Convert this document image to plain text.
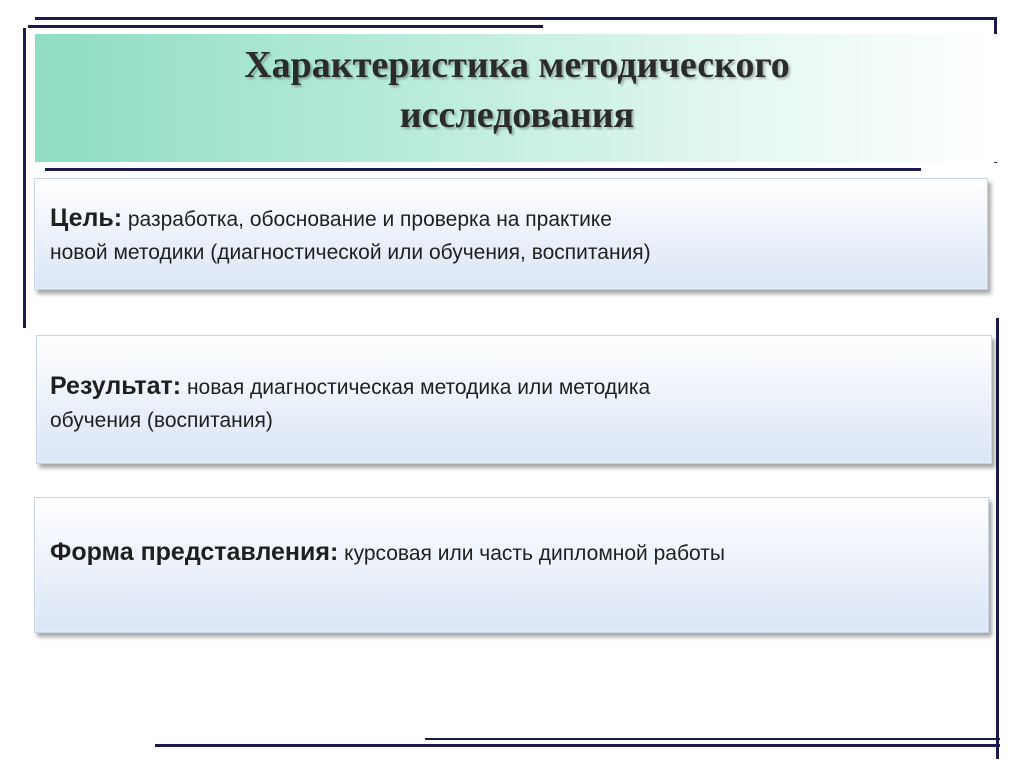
Характеристика методического
исследования
Цель: разработка, обоснование и проверка на практике
новой методики (диагностической или обучения, воспитания)
Результат: новая диагностическая методика или методика
обучения (воспитания)
Форма представления: курсовая или часть дипломной работы
